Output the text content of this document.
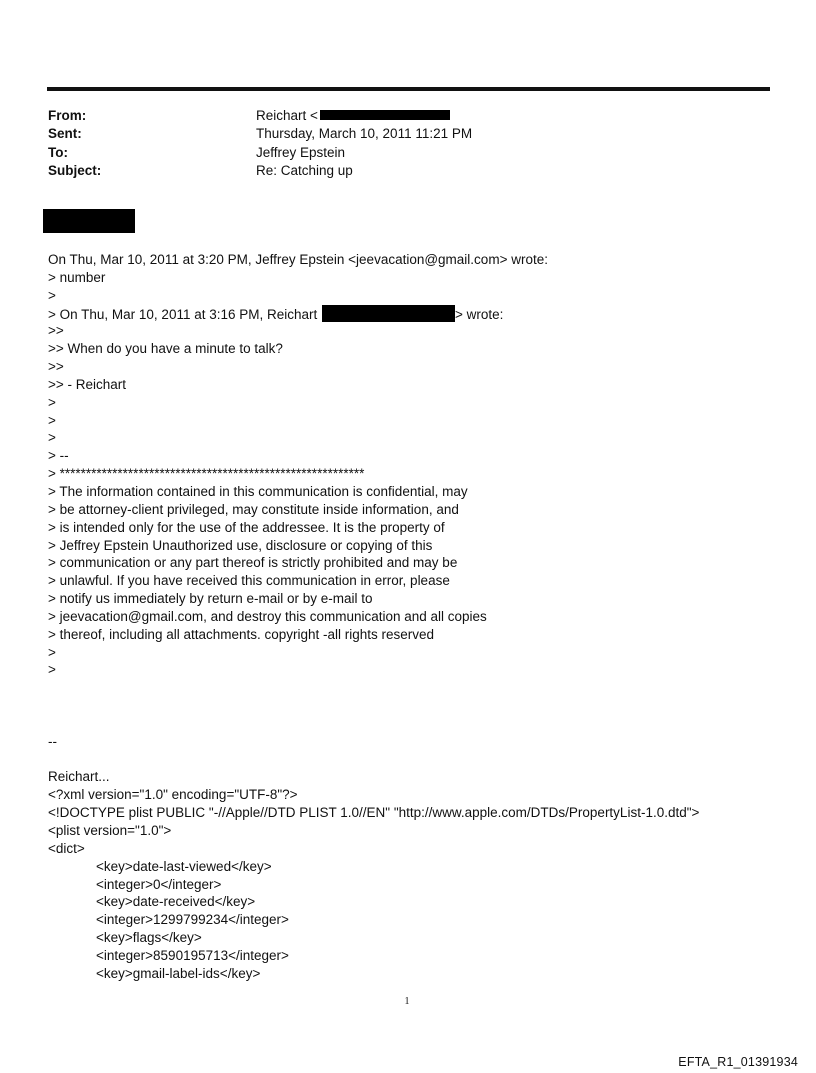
From:	Reichart <
Sent:	Thursday, March 10, 2011 11:21 PM
To:	Jeffrey Epstein
Subject:	Re: Catching up
On Thu, Mar 10, 2011 at 3:20 PM, Jeffrey Epstein <jeevacation@gmail.com> wrote:
> number
>
> On Thu, Mar 10, 2011 at 3:16 PM, Reichart	> wrote:
>>
>> When do you have a minute to talk?
>>
>> - Reichart
>
>
>
> --
> **********************************************************
> The information contained in this communication is confidential, may
> be attorney-client privileged, may constitute inside information, and
> is intended only for the use of the addressee. It is the property of
> Jeffrey Epstein Unauthorized use, disclosure or copying of this
> communication or any part thereof is strictly prohibited and may be
> unlawful. If you have received this communication in error, please
> notify us immediately by return e-mail or by e-mail to
> jeevacation@gmail.com, and destroy this communication and all copies
> thereof, including all attachments. copyright -all rights reserved
>
>
--
Reichart...
<?xml version="1.0" encoding="UTF-8"?>
<!DOCTYPE plist PUBLIC "-//Apple//DTD PLIST 1.0//EN" "http://www.apple.com/DTDs/PropertyList-1.0.dtd">
<plist version="1.0">
<dict>
<key>date-last-viewed</key>
<integer>0</integer>
<key>date-received</key>
<integer>1299799234</integer>
<key>flags</key>
<integer>8590195713</integer>
<key>gmail-label-ids</key>
1
EFTA_R1_01391934
